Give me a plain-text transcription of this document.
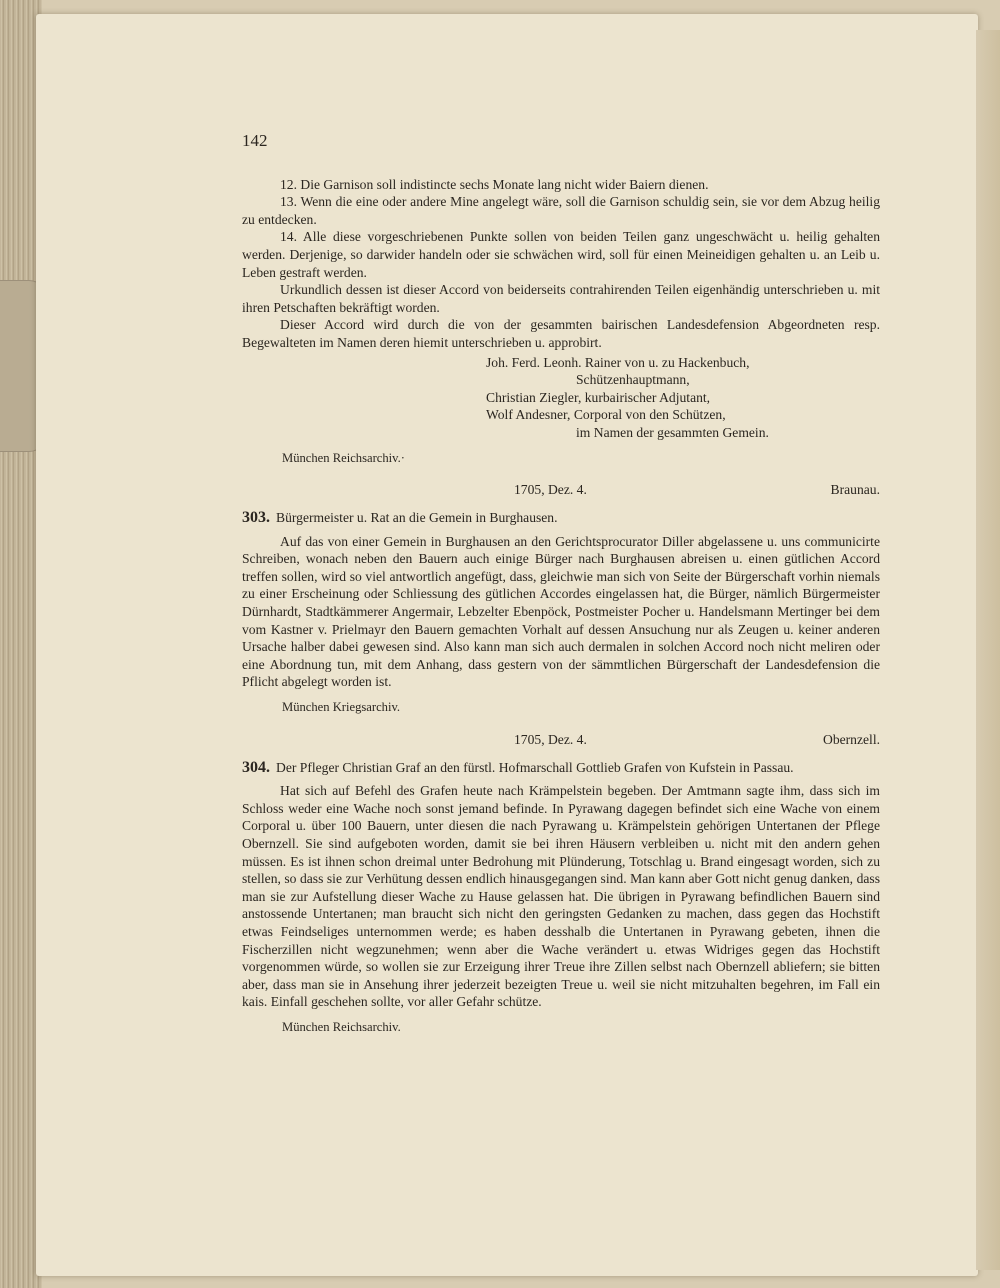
142

12. Die Garnison soll indistincte sechs Monate lang nicht wider Baiern dienen.

13. Wenn die eine oder andere Mine angelegt wäre, soll die Garnison schuldig sein, sie vor dem Abzug heilig zu entdecken.

14. Alle diese vorgeschriebenen Punkte sollen von beiden Teilen ganz ungeschwächt u. heilig gehalten werden. Derjenige, so darwider handeln oder sie schwächen wird, soll für einen Meineidigen gehalten u. an Leib u. Leben gestraft werden.

Urkundlich dessen ist dieser Accord von beiderseits contrahirenden Teilen eigenhändig unterschrieben u. mit ihren Petschaften bekräftigt worden.

Dieser Accord wird durch die von der gesammten bairischen Landesdefension Abgeordneten resp. Begewalteten im Namen deren hiemit unterschrieben u. approbirt.

Joh. Ferd. Leonh. Rainer von u. zu Hackenbuch,
Schützenhauptmann,
Christian Ziegler, kurbairischer Adjutant,
Wolf Andesner, Corporal von den Schützen,
im Namen der gesammten Gemein.
München Reichsarchiv.·
1705, Dez. 4.	Braunau.

303. Bürgermeister u. Rat an die Gemein in Burghausen.

Auf das von einer Gemein in Burghausen an den Gerichtsprocurator Diller abgelassene u. uns communicirte Schreiben, wonach neben den Bauern auch einige Bürger nach Burghausen abreisen u. einen gütlichen Accord treffen sollen, wird so viel antwortlich angefügt, dass, gleichwie man sich von Seite der Bürgerschaft vorhin niemals zu einer Erscheinung oder Schliessung des gütlichen Accordes eingelassen hat, die Bürger, nämlich Bürgermeister Dürnhardt, Stadtkämmerer Angermair, Lebzelter Ebenpöck, Postmeister Pocher u. Handelsmann Mertinger bei dem vom Kastner v. Prielmayr den Bauern gemachten Vorhalt auf dessen Ansuchung nur als Zeugen u. keiner anderen Ursache halber dabei gewesen sind. Also kann man sich auch dermalen in solchen Accord noch nicht meliren oder eine Abordnung tun, mit dem Anhang, dass gestern von der sämmtlichen Bürgerschaft der Landesdefension die Pflicht abgelegt worden ist.

München Kriegsarchiv.
1705, Dez. 4.	Obernzell.

304. Der Pfleger Christian Graf an den fürstl. Hofmarschall Gottlieb Grafen von Kufstein in Passau.

Hat sich auf Befehl des Grafen heute nach Krämpelstein begeben. Der Amtmann sagte ihm, dass sich im Schloss weder eine Wache noch sonst jemand befinde. In Pyrawang dagegen befindet sich eine Wache von einem Corporal u. über 100 Bauern, unter diesen die nach Pyrawang u. Krämpelstein gehörigen Untertanen der Pflege Obernzell. Sie sind aufgeboten worden, damit sie bei ihren Häusern verbleiben u. nicht mit den andern gehen müssen. Es ist ihnen schon dreimal unter Bedrohung mit Plünderung, Totschlag u. Brand eingesagt worden, sich zu stellen, so dass sie zur Verhütung dessen endlich hinausgegangen sind. Man kann aber Gott nicht genug danken, dass man sie zur Aufstellung dieser Wache zu Hause gelassen hat. Die übrigen in Pyrawang befindlichen Bauern sind anstossende Untertanen; man braucht sich nicht den geringsten Gedanken zu machen, dass gegen das Hochstift etwas Feindseliges unternommen werde; es haben desshalb die Untertanen in Pyrawang gebeten, ihnen die Fischerzillen nicht wegzunehmen; wenn aber die Wache verändert u. etwas Widriges gegen das Hochstift vorgenommen würde, so wollen sie zur Erzeigung ihrer Treue ihre Zillen selbst nach Obernzell abliefern; sie bitten aber, dass man sie in Ansehung ihrer jederzeit bezeigten Treue u. weil sie nicht mitzuhalten begehren, im Fall ein kais. Einfall geschehen sollte, vor aller Gefahr schütze.

München Reichsarchiv.
